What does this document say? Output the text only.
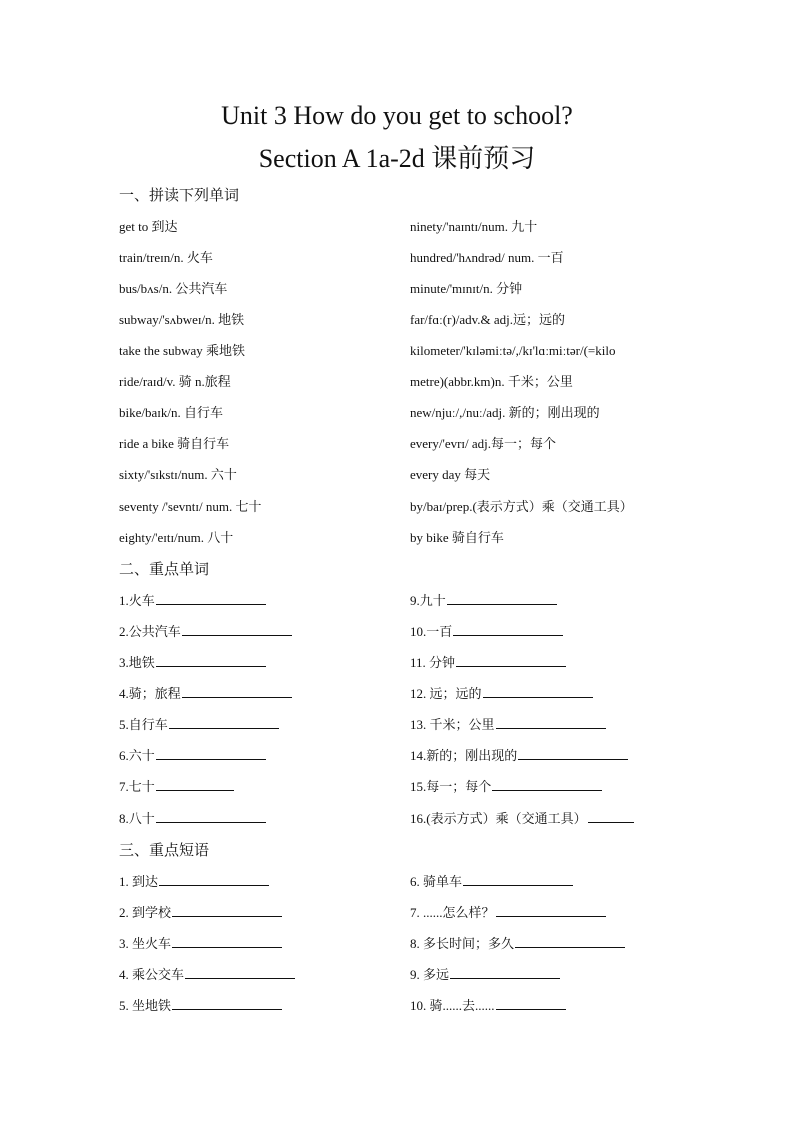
Unit 3 How do you get to school?
Section A 1a-2d 课前预习
一、拼读下列单词
get to 到达	ninety/'naɪntɪ/num. 九十
train/treɪn/n. 火车	hundred/'hʌndrəd/ num. 一百
bus/bʌs/n. 公共汽车	minute/'mɪnɪt/n. 分钟
subway/'sʌbweɪ/n. 地铁	far/fɑː(r)/adv.& adj.远；远的
take the subway 乘地铁	kilometer/'kɪləmiːtə/,/kɪ'lɑːmiːtər/(=kilo
ride/raɪd/v. 骑 n.旅程	metre)(abbr.km)n. 千米；公里
bike/baɪk/n. 自行车	new/njuː/,/nuː/adj. 新的；刚出现的
ride a bike 骑自行车	every/'evrɪ/ adj.每一；每个
sixty/'sɪkstɪ/num. 六十	every day 每天
seventy /'sevntɪ/ num. 七十	by/baɪ/prep.(表示方式）乘（交通工具）
eighty/'eɪtɪ/num. 八十	by bike 骑自行车
二、重点单词
1.火车	9.九十
2.公共汽车	10.一百
3.地铁	11. 分钟
4.骑；旅程	12. 远；远的
5.自行车	13. 千米；公里
6.六十	14.新的；刚出现的
7.七十	15.每一；每个
8.八十	16.(表示方式）乘（交通工具）
三、重点短语
1. 到达	6. 骑单车
2. 到学校	7. ......怎么样？
3. 坐火车	8. 多长时间；多久
4. 乘公交车	9. 多远
5. 坐地铁	10. 骑......去......
